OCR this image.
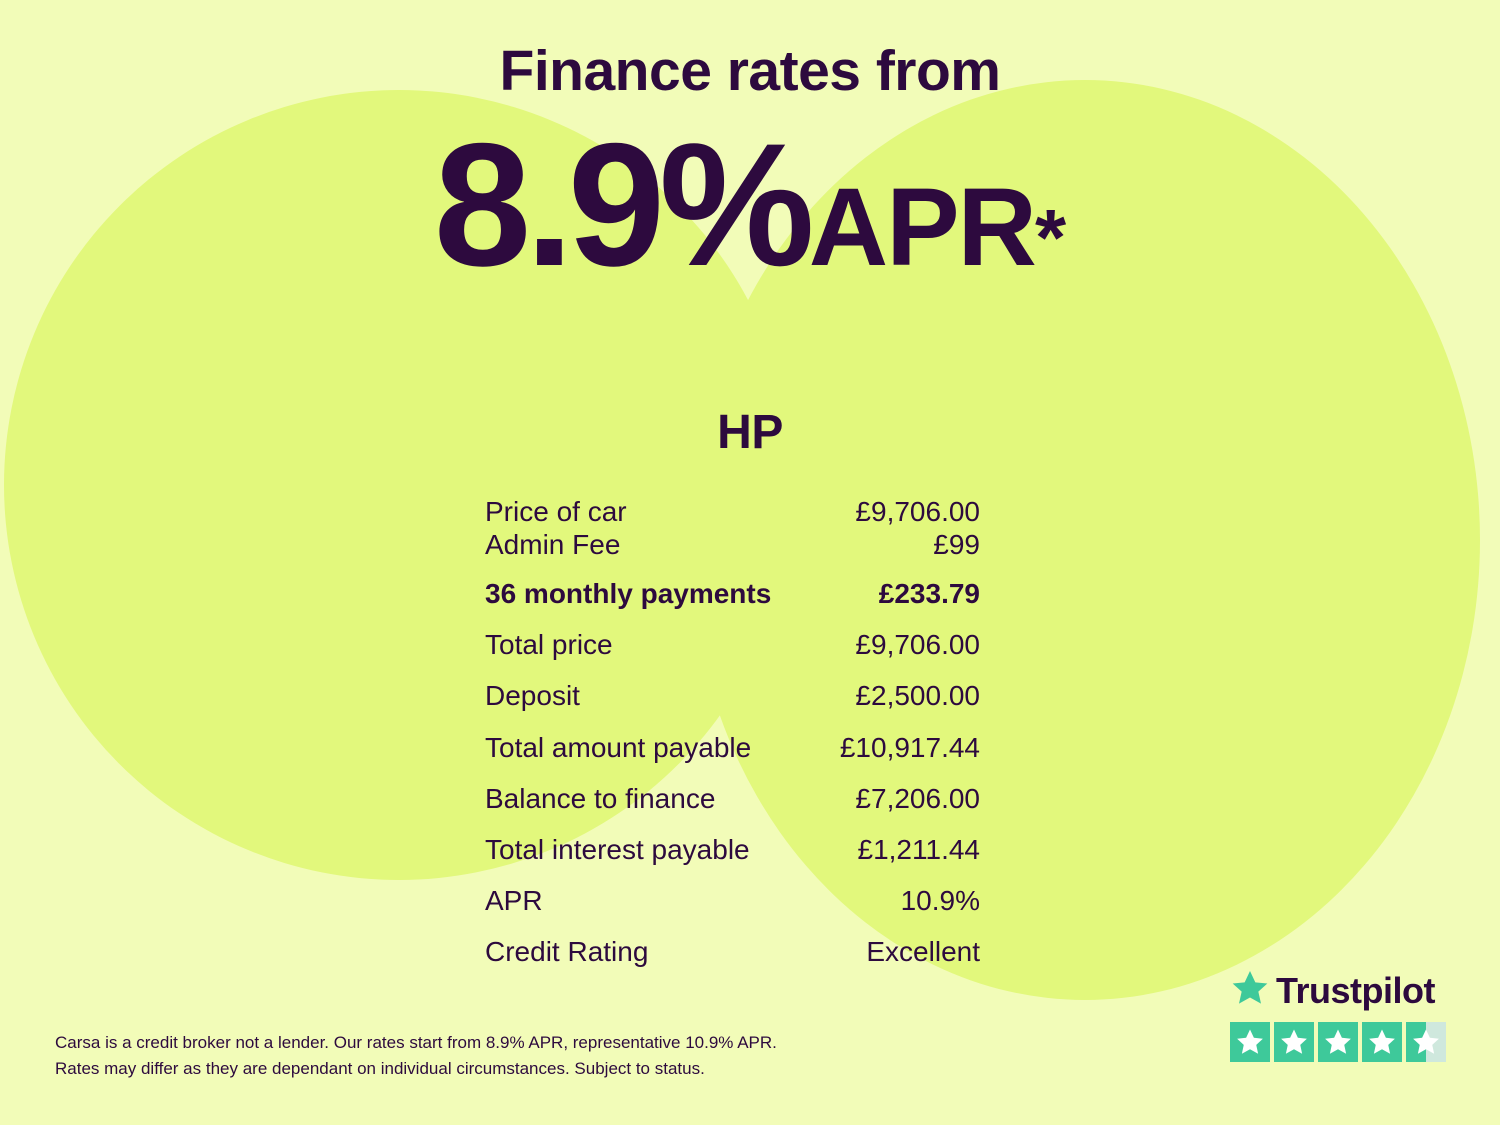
Finance rates from
8.9%APR*
HP
Price of car	£9,706.00
Admin Fee	£99
36 monthly payments	£233.79
Total price	£9,706.00
Deposit	£2,500.00
Total amount payable	£10,917.44
Balance to finance	£7,206.00
Total interest payable	£1,211.44
APR	10.9%
Credit Rating	Excellent
Carsa is a credit broker not a lender. Our rates start from 8.9% APR, representative 10.9% APR.
Rates may differ as they are dependant on individual circumstances. Subject to status.
Trustpilot
